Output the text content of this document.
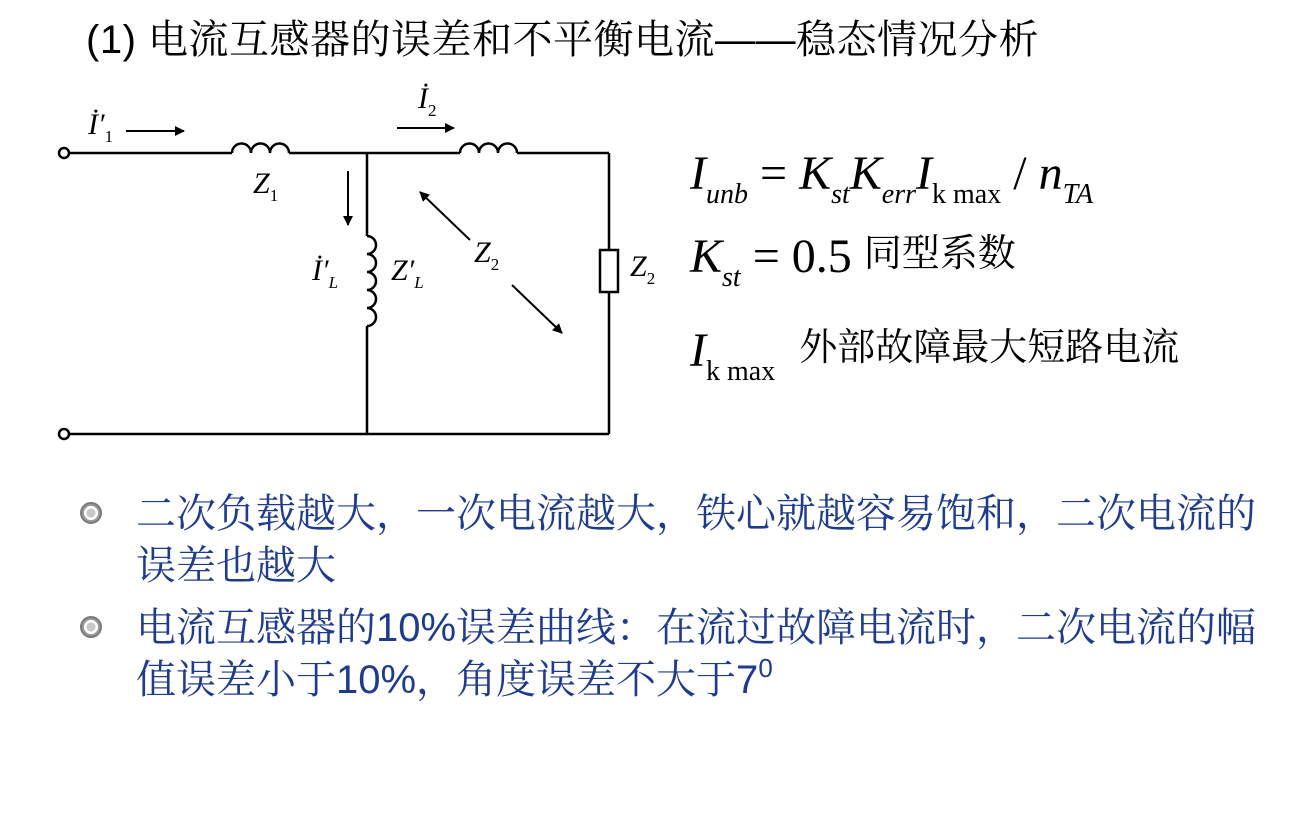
(1) 电流互感器的误差和不平衡电流——稳态情况分析
$İ'_1$
$İ_2$
$Z_1$
$İ'_L$ $Z'_L$
$Z_2$	$Z_2$
$I_{unb} = K_{st}K_{err}I_{k max} / n_{TA}$
$K_{st} = 0.5$ 同型系数
$I_{k max}$  外部故障最大短路电流
二次负载越大，一次电流越大，铁心就越容易饱和，二次电流的误差也越大
电流互感器的10%误差曲线：在流过故障电流时，二次电流的幅值误差小于10%，角度误差不大于$7^0$
